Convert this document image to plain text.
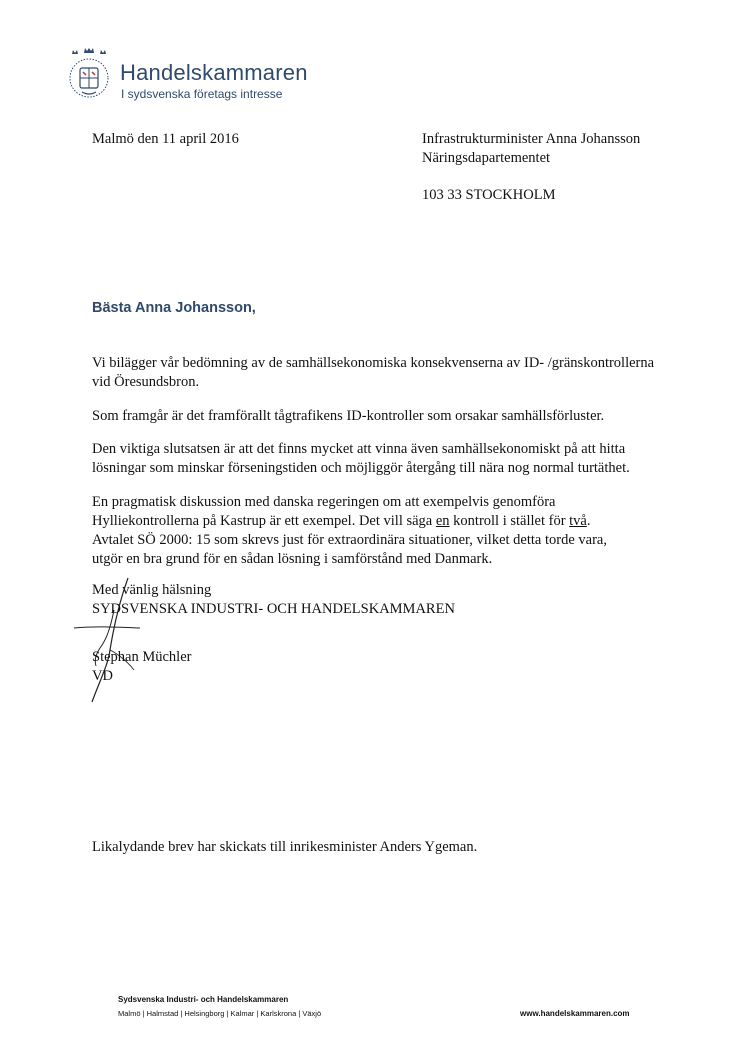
Handelskammaren
I sydsvenska företags intresse
Malmö den 11 april 2016	Infrastrukturminister Anna Johansson
Näringsdapartementet
103 33 STOCKHOLM
Bästa Anna Johansson,
Vi bilägger vår bedömning av de samhällsekonomiska konsekvenserna av ID- /gränskontrollerna
vid Öresundsbron.
Som framgår är det framförallt tågtrafikens ID-kontroller som orsakar samhällsförluster.
Den viktiga slutsatsen är att det finns mycket att vinna även samhällsekonomiskt på att hitta
lösningar som minskar förseningstiden och möjliggör återgång till nära nog normal turtäthet.
En pragmatisk diskussion med danska regeringen om att exempelvis genomföra
Hylliekontrollerna på Kastrup är ett exempel. Det vill säga en kontroll i stället för två.
Avtalet SÖ 2000: 15 som skrevs just för extraordinära situationer, vilket detta torde vara,
utgör en bra grund för en sådan lösning i samförstånd med Danmark.
Med vänlig hälsning
SYDSVENSKA INDUSTRI- OCH HANDELSKAMMAREN
Stephan Müchler
VD
Likalydande brev har skickats till inrikesminister Anders Ygeman.
Sydsvenska Industri- och Handelskammaren
Malmö | Halmstad | Helsingborg | Kalmar | Karlskrona | Växjö	www.handelskammaren.com
